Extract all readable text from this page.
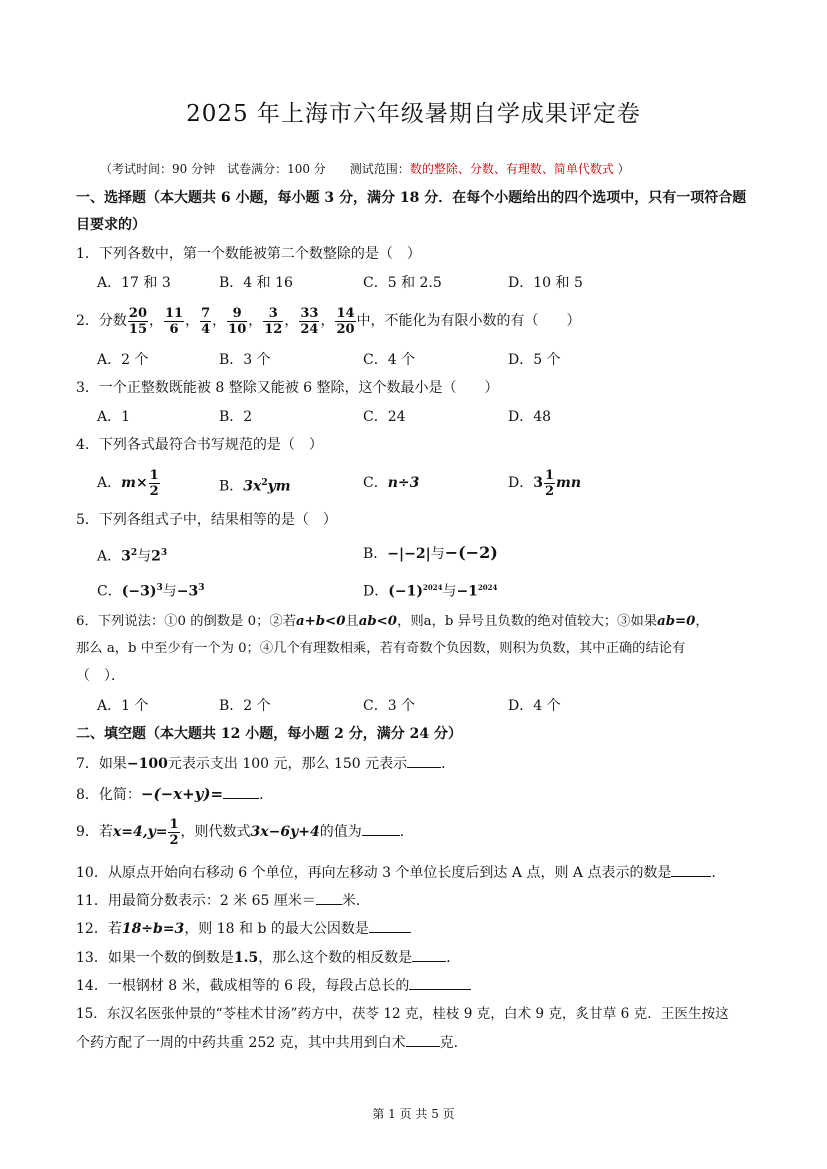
2025 年上海市六年级暑期自学成果评定卷
（考试时间：90 分钟　试卷满分：100 分　　测试范围：数的整除、分数、有理数、简单代数式 ）
一、选择题（本大题共 6 小题，每小题 3 分，满分 18 分．在每个小题给出的四个选项中，只有一项符合题
目要求的）
1．下列各数中，第一个数能被第二个数整除的是（　）
A．17 和 3	B．4 和 16	C．5 和 2.5	D．10 和 5
2．分数 $\frac{20}{15}$ ， $\frac{11}{6}$ ， $\frac{7}{4}$ ， $\frac{9}{10}$ ， $\frac{3}{12}$ ， $\frac{33}{24}$ ， $\frac{14}{20}$ 中，不能化为有限小数的有（　　）
A．2 个	B．3 个	C．4 个	D．5 个
3．一个正整数既能被 8 整除又能被 6 整除，这个数最小是（　　）
A．1	B．2	C．24	D．48
4．下列各式最符合书写规范的是（　）
A．$m\times \frac{1}{2}$	B．$3x^2ym$	C．n÷3	D．$3 \frac{1}{2}$ mn
5．下列各组式子中，结果相等的是（　）
A．$3^2$与$2^3$	B．−|−2|与−(−2)
C．$(-3)^3$与$-3^3$	D．$(-1)^{2024}$与$-1^{2024}$
6．下列说法：①0 的倒数是 0；②若a+b<0且ab<0，则a，b 异号且负数的绝对值较大；③如果ab=0，
那么 a，b 中至少有一个为 0；④几个有理数相乘，若有奇数个负因数，则积为负数，其中正确的结论有
（　）．
A．1 个	B．2 个	C．3 个	D．4 个
二、填空题（本大题共 12 小题，每小题 2 分，满分 24 分）
7．如果−100元表示支出 100 元，那么 150 元表示 ．
8．化简：−(−x+y)=	．
9．若$x=4,y= \frac{1}{2}$ ，则代数式3x−6y+4的值为	．
10．从原点开始向右移动 6 个单位，再向左移动 3 个单位长度后到达 A 点，则 A 点表示的数是	．
11．用最简分数表示：2 米 65 厘米＝ 米．
12．若18÷b=3，则 18 和 b 的最大公因数是
13．如果一个数的倒数是1.5，那么这个数的相反数是 ．
14．一根钢材 8 米，截成相等的 6 段，每段占总长的
15．东汉名医张仲景的“苓桂术甘汤”药方中，茯苓 12 克，桂枝 9 克，白术 9 克，炙甘草 6 克．王医生按这
个药方配了一周的中药共重 252 克，其中共用到白术 克．
第 1 页 共 5 页
